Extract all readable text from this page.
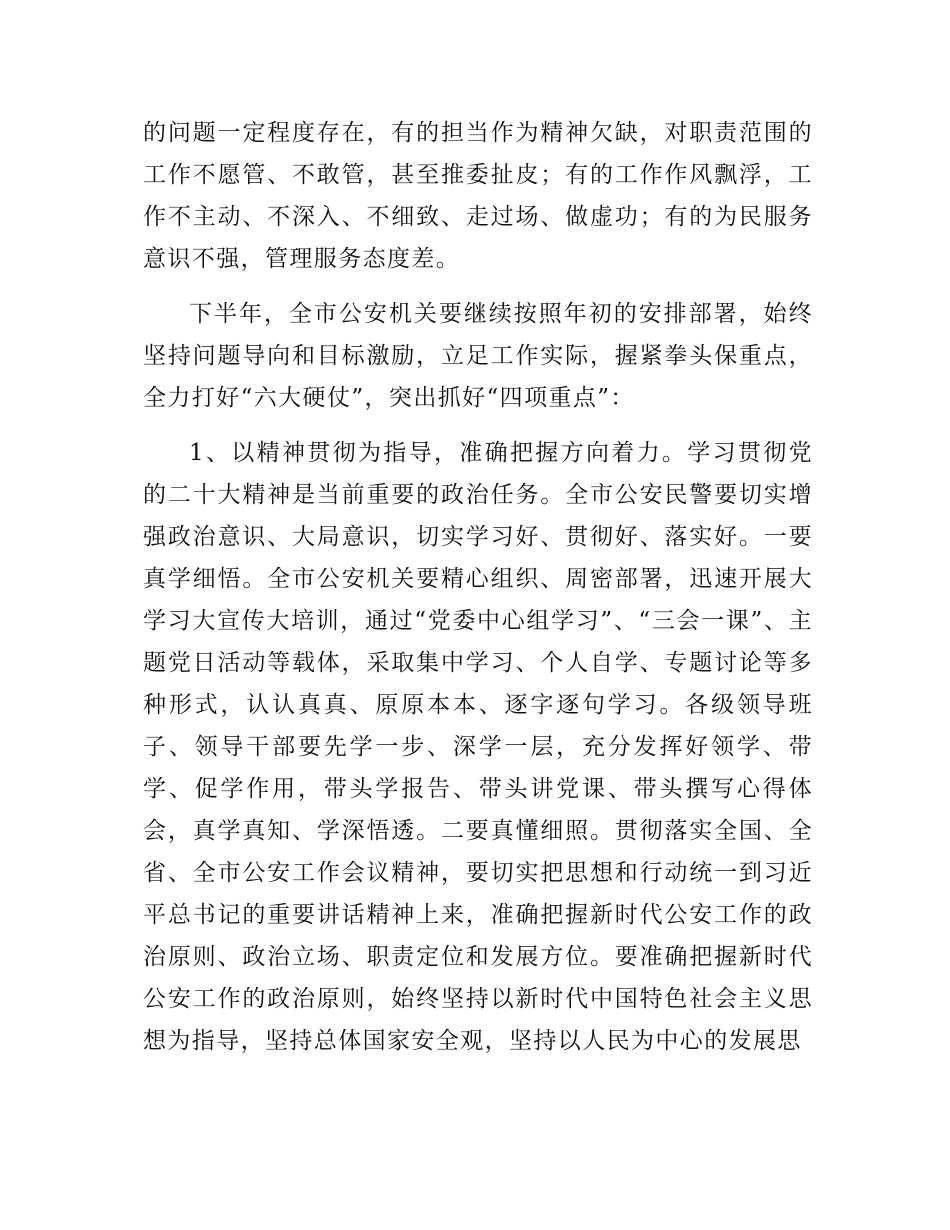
的问题一定程度存在，有的担当作为精神欠缺，对职责范围的工作不愿管、不敢管，甚至推委扯皮；有的工作作风飘浮，工作不主动、不深入、不细致、走过场、做虚功；有的为民服务意识不强，管理服务态度差。

下半年，全市公安机关要继续按照年初的安排部署，始终坚持问题导向和目标激励，立足工作实际，握紧拳头保重点，全力打好“六大硬仗”，突出抓好“四项重点”：

1、以精神贯彻为指导，准确把握方向着力。学习贯彻党的二十大精神是当前重要的政治任务。全市公安民警要切实增强政治意识、大局意识，切实学习好、贯彻好、落实好。一要真学细悟。全市公安机关要精心组织、周密部署，迅速开展大学习大宣传大培训，通过“党委中心组学习”、“三会一课”、主题党日活动等载体，采取集中学习、个人自学、专题讨论等多种形式，认认真真、原原本本、逐字逐句学习。各级领导班子、领导干部要先学一步、深学一层，充分发挥好领学、带学、促学作用，带头学报告、带头讲党课、带头撰写心得体会，真学真知、学深悟透。二要真懂细照。贯彻落实全国、全省、全市公安工作会议精神，要切实把思想和行动统一到习近平总书记的重要讲话精神上来，准确把握新时代公安工作的政治原则、政治立场、职责定位和发展方位。要准确把握新时代公安工作的政治原则，始终坚持以新时代中国特色社会主义思想为指导，坚持总体国家安全观，坚持以人民为中心的发展思
